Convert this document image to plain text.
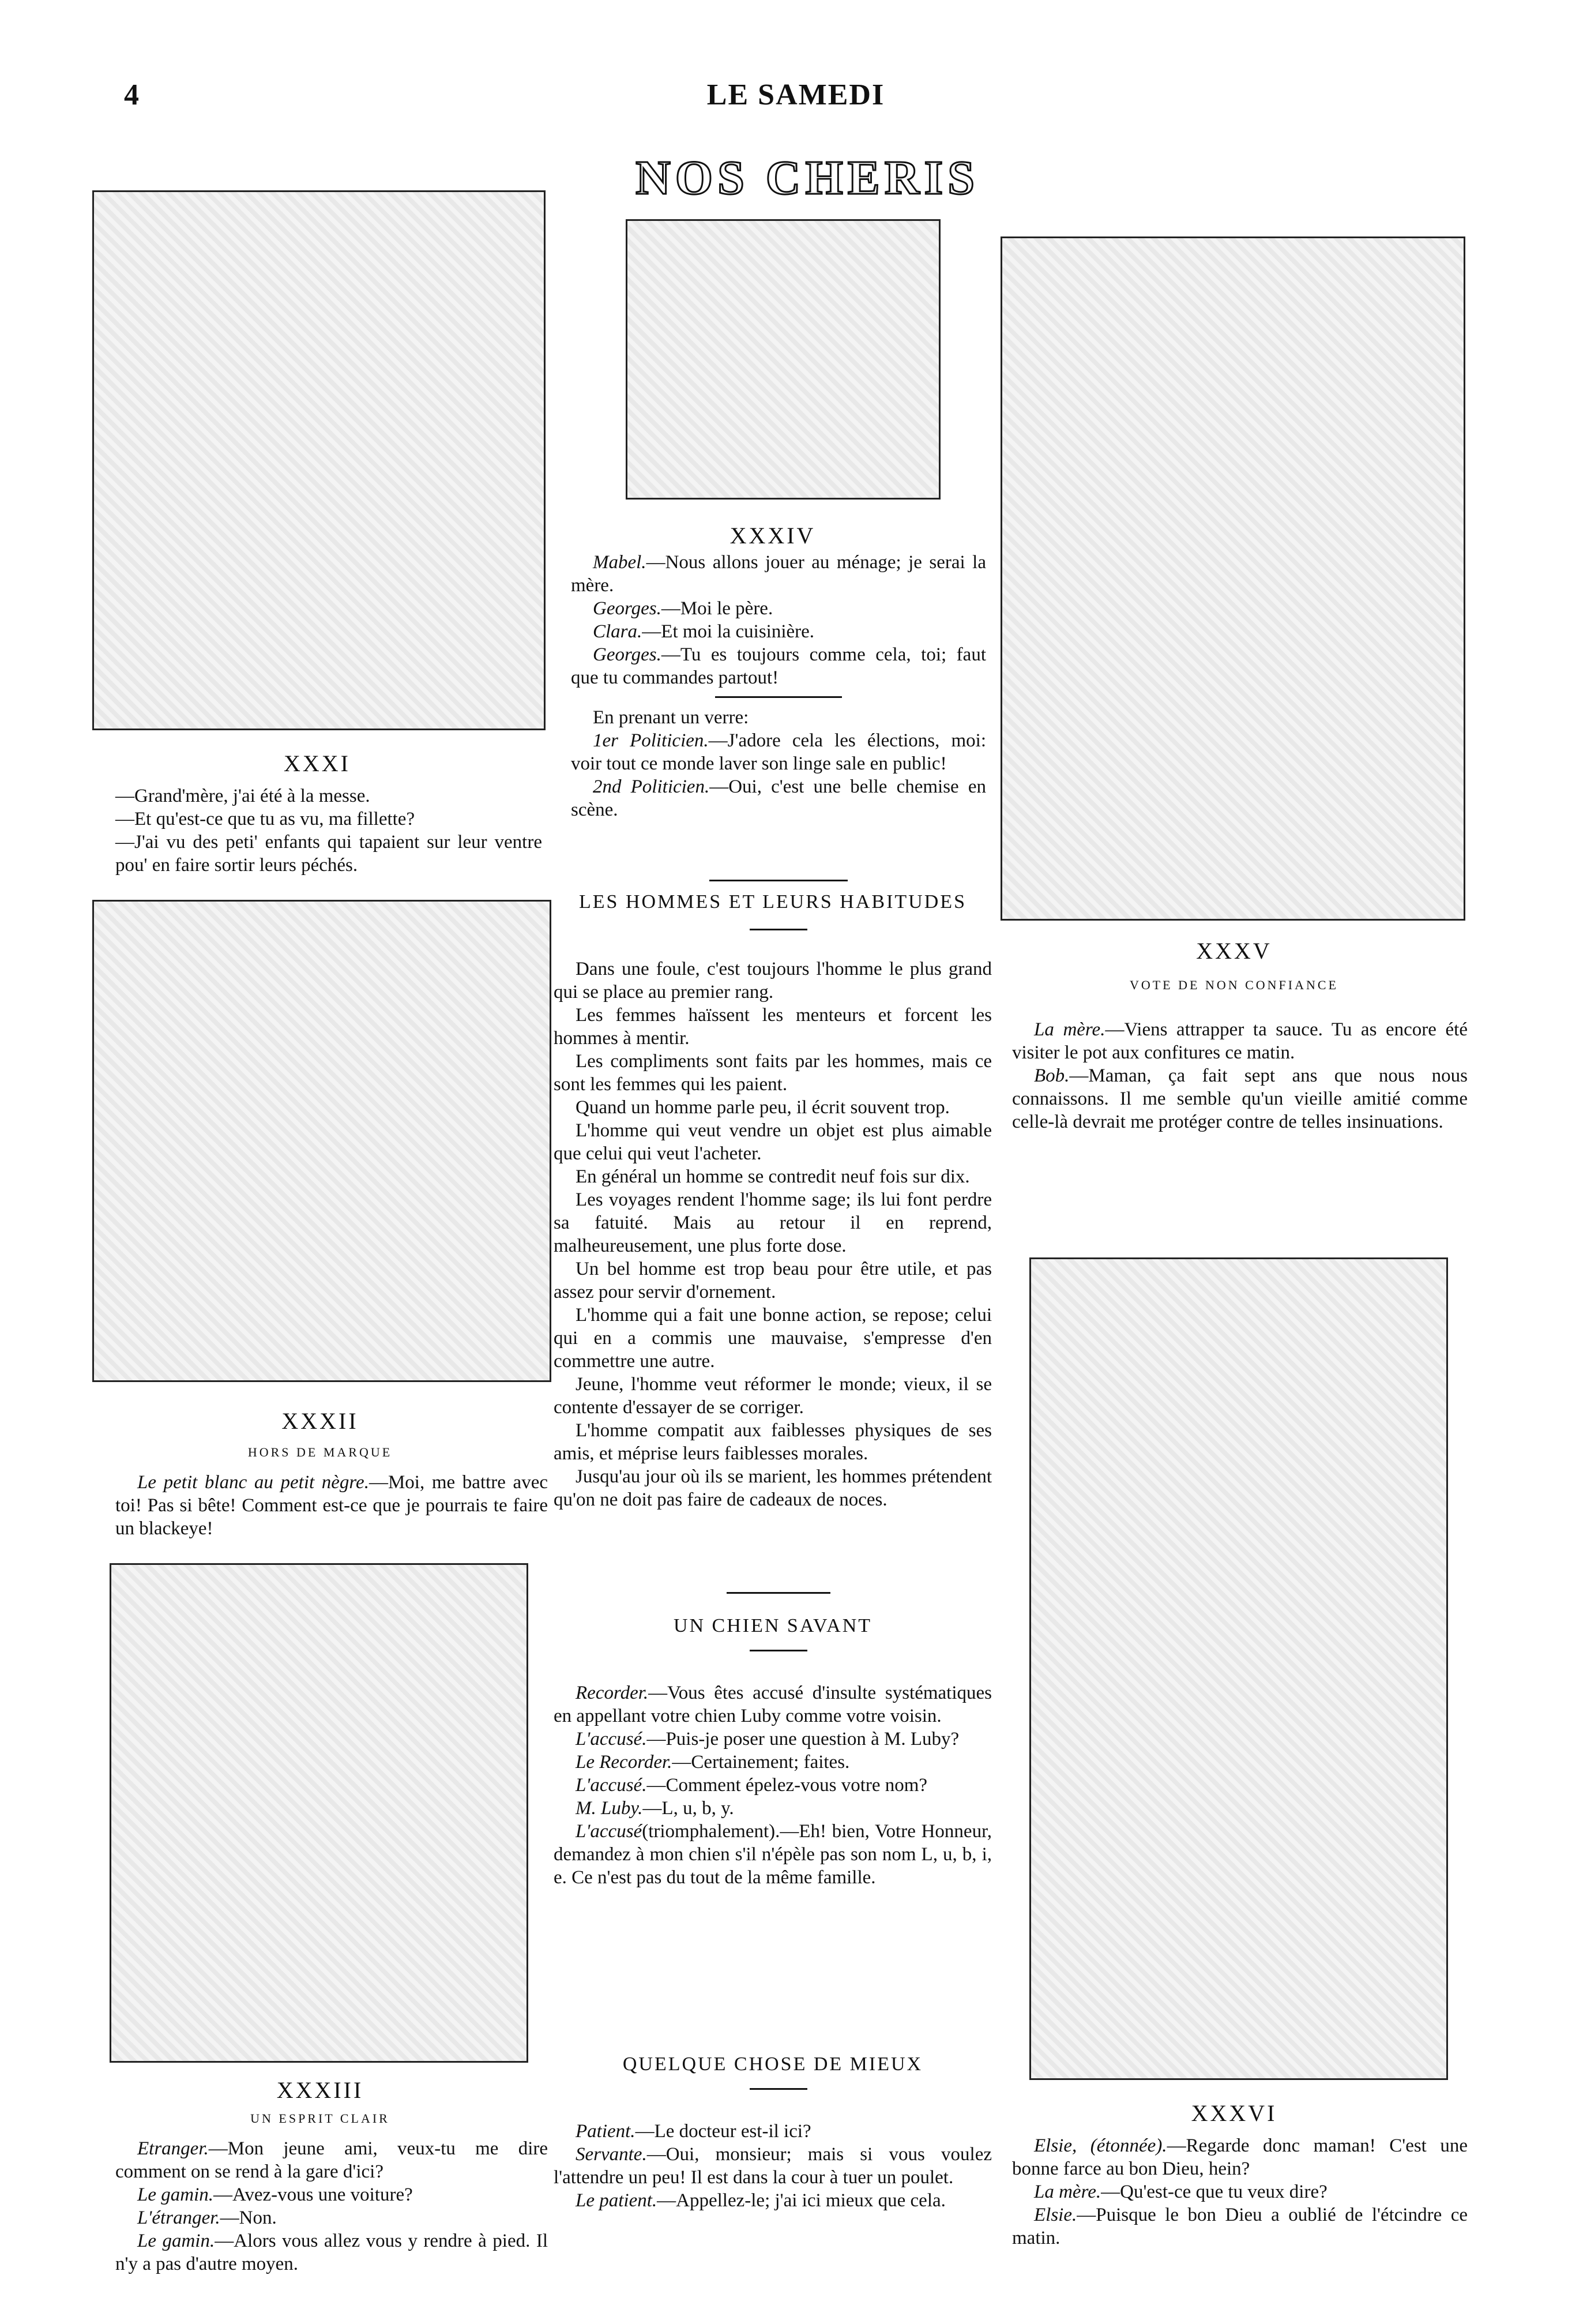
4	LE SAMEDI
NOS CHERIS
XXXI

—Grand'mère, j'ai été à la messe.

—Et qu'est-ce que tu as vu, ma fillette?

—J'ai vu des peti' enfants qui tapaient sur leur ventre pou' en faire sortir leurs péchés.

XXXII
HORS DE MARQUE

Le petit blanc au petit nègre.—Moi, me battre avec toi! Pas si bête! Comment est-ce que je pourrais te faire un blackeye!

XXXIII
UN ESPRIT CLAIR

Etranger.—Mon jeune ami, veux-tu me dire comment on se rend à la gare d'ici?

Le gamin.—Avez-vous une voiture?

L'étranger.—Non.

Le gamin.—Alors vous allez vous y rendre à pied. Il n'y a pas d'autre moyen.

XXXIV

Mabel.—Nous allons jouer au ménage; je serai la mère.

Georges.—Moi le père.

Clara.—Et moi la cuisinière.

Georges.—Tu es toujours comme cela, toi; faut que tu commandes partout!

En prenant un verre:

1er Politicien.—J'adore cela les élections, moi: voir tout ce monde laver son linge sale en public!

2nd Politicien.—Oui, c'est une belle chemise en scène.

LES HOMMES ET LEURS HABITUDES

Dans une foule, c'est toujours l'homme le plus grand qui se place au premier rang.

Les femmes haïssent les menteurs et forcent les hommes à mentir.

Les compliments sont faits par les hommes, mais ce sont les femmes qui les paient.

Quand un homme parle peu, il écrit souvent trop.

L'homme qui veut vendre un objet est plus aimable que celui qui veut l'acheter.

En général un homme se contredit neuf fois sur dix.

Les voyages rendent l'homme sage; ils lui font perdre sa fatuité. Mais au retour il en reprend, malheureusement, une plus forte dose.

Un bel homme est trop beau pour être utile, et pas assez pour servir d'ornement.

L'homme qui a fait une bonne action, se repose; celui qui en a commis une mauvaise, s'empresse d'en commettre une autre.

Jeune, l'homme veut réformer le monde; vieux, il se contente d'essayer de se corriger.

L'homme compatit aux faiblesses physiques de ses amis, et méprise leurs faiblesses morales.

Jusqu'au jour où ils se marient, les hommes prétendent qu'on ne doit pas faire de cadeaux de noces.

UN CHIEN SAVANT

Recorder.—Vous êtes accusé d'insulte systématiques en appellant votre chien Luby comme votre voisin.

L'accusé.—Puis-je poser une question à M. Luby?

Le Recorder.—Certainement; faites.

L'accusé.—Comment épelez-vous votre nom?

M. Luby.—L, u, b, y.

L'accusé(triomphalement).—Eh! bien, Votre Honneur, demandez à mon chien s'il n'épèle pas son nom L, u, b, i, e. Ce n'est pas du tout de la même famille.

QUELQUE CHOSE DE MIEUX

Patient.—Le docteur est-il ici?

Servante.—Oui, monsieur; mais si vous voulez l'attendre un peu! Il est dans la cour à tuer un poulet.

Le patient.—Appellez-le; j'ai ici mieux que cela.

XXXV
VOTE DE NON CONFIANCE

La mère.—Viens attrapper ta sauce. Tu as encore été visiter le pot aux confitures ce matin.

Bob.—Maman, ça fait sept ans que nous nous connaissons. Il me semble qu'un vieille amitié comme celle-là devrait me protéger contre de telles insinuations.

XXXVI

Elsie, (étonnée).—Regarde donc maman! C'est une bonne farce au bon Dieu, hein?

La mère.—Qu'est-ce que tu veux dire?

Elsie.—Puisque le bon Dieu a oublié de l'étcindre ce matin.
